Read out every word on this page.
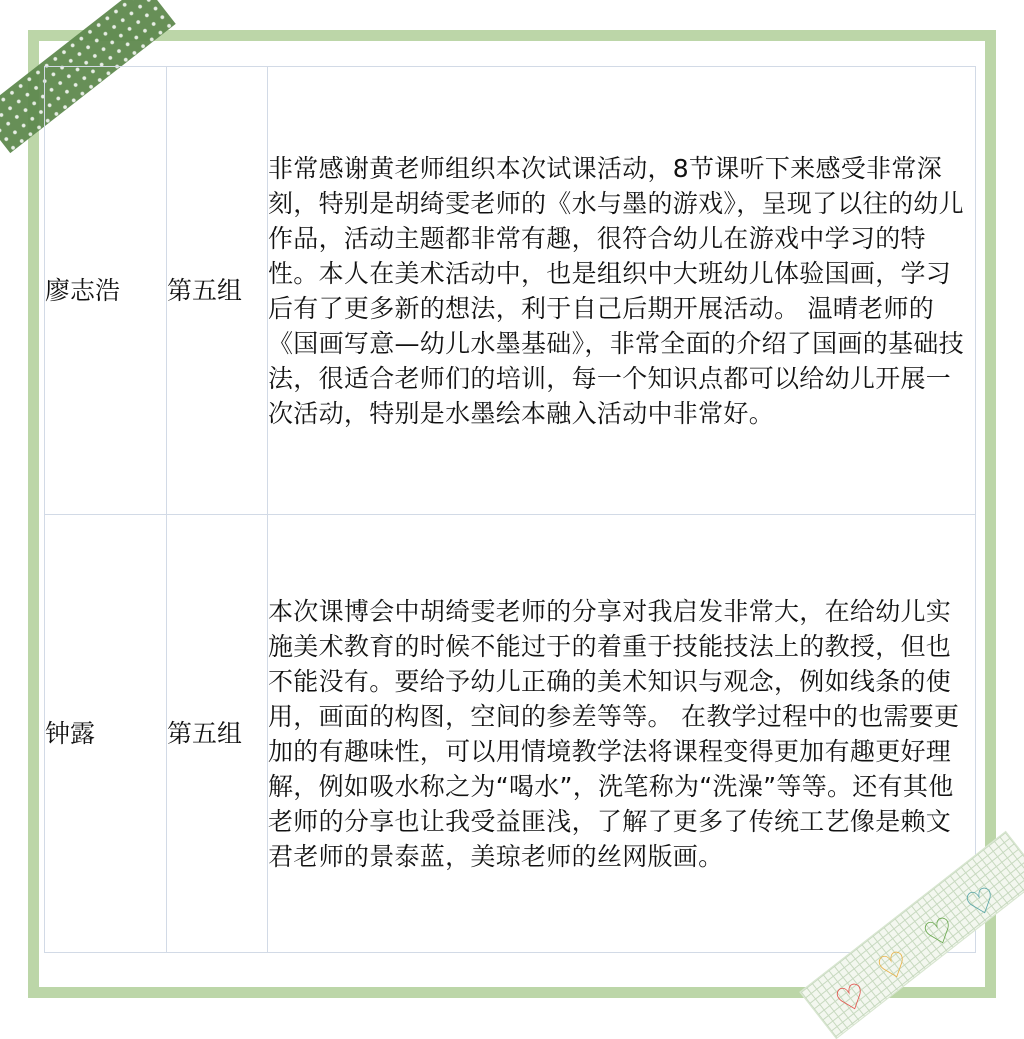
廖志浩	第五组	非常感谢黄老师组织本次试课活动，8节课听下来感受非常深刻，特别是胡绮雯老师的《水与墨的游戏》，呈现了以往的幼儿作品，活动主题都非常有趣，很符合幼儿在游戏中学习的特性。本人在美术活动中，也是组织中大班幼儿体验国画，学习后有了更多新的想法，利于自己后期开展活动。 温晴老师的《国画写意—幼儿水墨基础》，非常全面的介绍了国画的基础技法，很适合老师们的培训，每一个知识点都可以给幼儿开展一次活动，特别是水墨绘本融入活动中非常好。
钟露	第五组	本次课博会中胡绮雯老师的分享对我启发非常大，在给幼儿实施美术教育的时候不能过于的着重于技能技法上的教授，但也不能没有。要给予幼儿正确的美术知识与观念，例如线条的使用，画面的构图，空间的参差等等。 在教学过程中的也需要更加的有趣味性，可以用情境教学法将课程变得更加有趣更好理解，例如吸水称之为“喝水”，洗笔称为“洗澡”等等。还有其他老师的分享也让我受益匪浅，了解了更多了传统工艺像是赖文君老师的景泰蓝，美琼老师的丝网版画。
♡
♡
♡
♡
